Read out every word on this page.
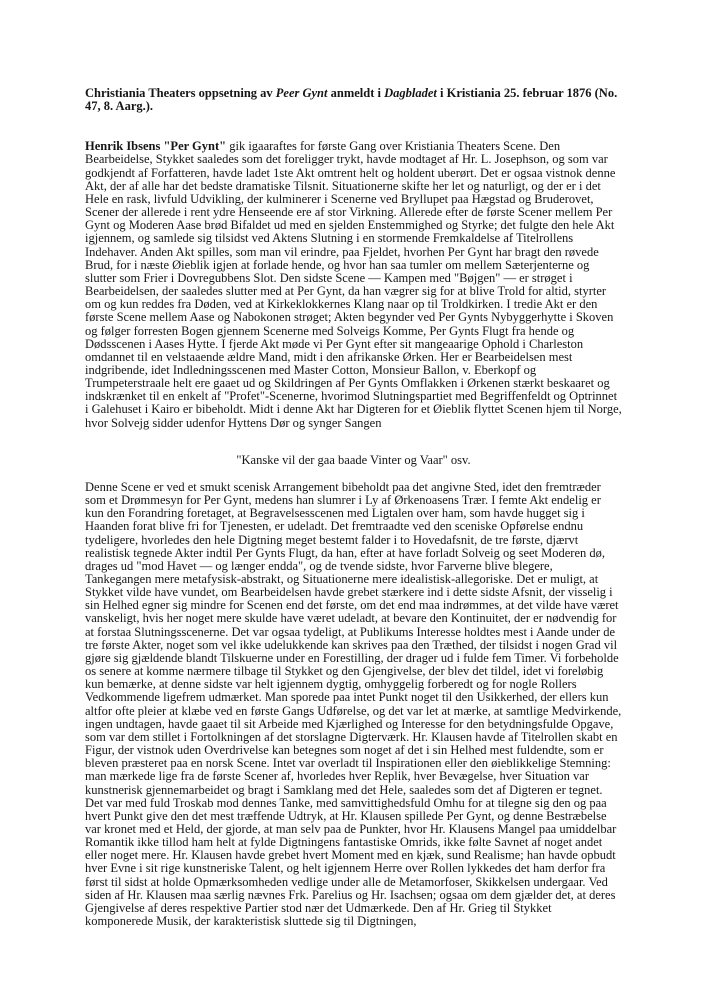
Christiania Theaters oppsetning av Peer Gynt anmeldt i Dagbladet i Kristiania 25. februar 1876 (No. 47, 8. Aarg.).

Henrik Ibsens "Per Gynt" gik igaaraftes for første Gang over Kristiania Theaters Scene. Den Bearbeidelse, Stykket saaledes som det foreligger trykt, havde modtaget af Hr. L. Josephson, og som var godkjendt af Forfatteren, havde ladet 1ste Akt omtrent helt og holdent uberørt. Det er ogsaa vistnok denne Akt, der af alle har det bedste dramatiske Tilsnit. Situationerne skifte her let og naturligt, og der er i det Hele en rask, livfuld Udvikling, der kulminerer i Scenerne ved Bryllupet paa Hægstad og Bruderovet, Scener der allerede i rent ydre Henseende ere af stor Virkning. Allerede efter de første Scener mellem Per Gynt og Moderen Aase brød Bifaldet ud med en sjelden Enstemmighed og Styrke; det fulgte den hele Akt igjennem, og samlede sig tilsidst ved Aktens Slutning i en stormende Fremkaldelse af Titelrollens Indehaver. Anden Akt spilles, som man vil erindre, paa Fjeldet, hvorhen Per Gynt har bragt den røvede Brud, for i næste Øieblik igjen at forlade hende, og hvor han saa tumler om mellem Sæterjenterne og slutter som Frier i Dovregubbens Slot. Den sidste Scene — Kampen med "Bøjgen" — er strøget i Bearbeidelsen, der saaledes slutter med at Per Gynt, da han vægrer sig for at blive Trold for altid, styrter om og kun reddes fra Døden, ved at Kirkeklokkernes Klang naar op til Troldkirken. I tredie Akt er den første Scene mellem Aase og Nabokonen strøget; Akten begynder ved Per Gynts Nybyggerhytte i Skoven og følger forresten Bogen gjennem Scenerne med Solveigs Komme, Per Gynts Flugt fra hende og Dødsscenen i Aases Hytte. I fjerde Akt møde vi Per Gynt efter sit mangeaarige Ophold i Charleston omdannet til en velstaaende ældre Mand, midt i den afrikanske Ørken. Her er Bearbeidelsen mest indgribende, idet Indledningsscenen med Master Cotton, Monsieur Ballon, v. Eberkopf og Trumpeterstraale helt ere gaaet ud og Skildringen af Per Gynts Omflakken i Ørkenen stærkt beskaaret og indskrænket til en enkelt af "Profet"-Scenerne, hvorimod Slutningspartiet med Begriffenfeldt og Optrinnet i Galehuset i Kairo er bibeholdt. Midt i denne Akt har Digteren for et Øieblik flyttet Scenen hjem til Norge, hvor Solvejg sidder udenfor Hyttens Dør og synger Sangen

"Kanske vil der gaa baade Vinter og Vaar" osv.

Denne Scene er ved et smukt scenisk Arrangement bibeholdt paa det angivne Sted, idet den fremtræder som et Drømmesyn for Per Gynt, medens han slumrer i Ly af Ørkenoasens Trær. I femte Akt endelig er kun den Forandring foretaget, at Begravelsesscenen med Ligtalen over ham, som havde hugget sig i Haanden forat blive fri for Tjenesten, er udeladt. Det fremtraadte ved den sceniske Opførelse endnu tydeligere, hvorledes den hele Digtning meget bestemt falder i to Hovedafsnit, de tre første, djærvt realistisk tegnede Akter indtil Per Gynts Flugt, da han, efter at have forladt Solveig og seet Moderen dø, drages ud "mod Havet — og længer endda", og de tvende sidste, hvor Farverne blive blegere, Tankegangen mere metafysisk-abstrakt, og Situationerne mere idealistisk-allegoriske. Det er muligt, at Stykket vilde have vundet, om Bearbeidelsen havde grebet stærkere ind i dette sidste Afsnit, der visselig i sin Helhed egner sig mindre for Scenen end det første, om det end maa indrømmes, at det vilde have været vanskeligt, hvis her noget mere skulde have været udeladt, at bevare den Kontinuitet, der er nødvendig for at forstaa Slutningsscenerne. Det var ogsaa tydeligt, at Publikums Interesse holdtes mest i Aande under de tre første Akter, noget som vel ikke udelukkende kan skrives paa den Træthed, der tilsidst i nogen Grad vil gjøre sig gjældende blandt Tilskuerne under en Forestilling, der drager ud i fulde fem Timer. Vi forbeholde os senere at komme nærmere tilbage til Stykket og den Gjengivelse, der blev det tildel, idet vi foreløbig kun bemærke, at denne sidste var helt igjennem dygtig, omhyggelig forberedt og for nogle Rollers Vedkommende ligefrem udmærket. Man sporede paa intet Punkt noget til den Usikkerhed, der ellers kun altfor ofte pleier at klæbe ved en første Gangs Udførelse, og det var let at mærke, at samtlige Medvirkende, ingen undtagen, havde gaaet til sit Arbeide med Kjærlighed og Interesse for den betydningsfulde Opgave, som var dem stillet i Fortolkningen af det storslagne Digterværk. Hr. Klausen havde af Titelrollen skabt en Figur, der vistnok uden Overdrivelse kan betegnes som noget af det i sin Helhed mest fuldendte, som er bleven præsteret paa en norsk Scene. Intet var overladt til Inspirationen eller den øieblikkelige Stemning: man mærkede lige fra de første Scener af, hvorledes hver Replik, hver Bevægelse, hver Situation var kunstnerisk gjennemarbeidet og bragt i Samklang med det Hele, saaledes som det af Digteren er tegnet. Det var med fuld Troskab mod dennes Tanke, med samvittighedsfuld Omhu for at tilegne sig den og paa hvert Punkt give den det mest træffende Udtryk, at Hr. Klausen spillede Per Gynt, og denne Bestræbelse var kronet med et Held, der gjorde, at man selv paa de Punkter, hvor Hr. Klausens Mangel paa umiddelbar Romantik ikke tillod ham helt at fylde Digtningens fantastiske Omrids, ikke følte Savnet af noget andet eller noget mere. Hr. Klausen havde grebet hvert Moment med en kjæk, sund Realisme; han havde opbudt hver Evne i sit rige kunstneriske Talent, og helt igjennem Herre over Rollen lykkedes det ham derfor fra først til sidst at holde Opmærksomheden vedlige under alle de Metamorfoser, Skikkelsen undergaar. Ved siden af Hr. Klausen maa særlig nævnes Frk. Parelius og Hr. Isachsen; ogsaa om dem gjælder det, at deres Gjengivelse af deres respektive Partier stod nær det Udmærkede. Den af Hr. Grieg til Stykket komponerede Musik, der karakteristisk sluttede sig til Digtningen,
